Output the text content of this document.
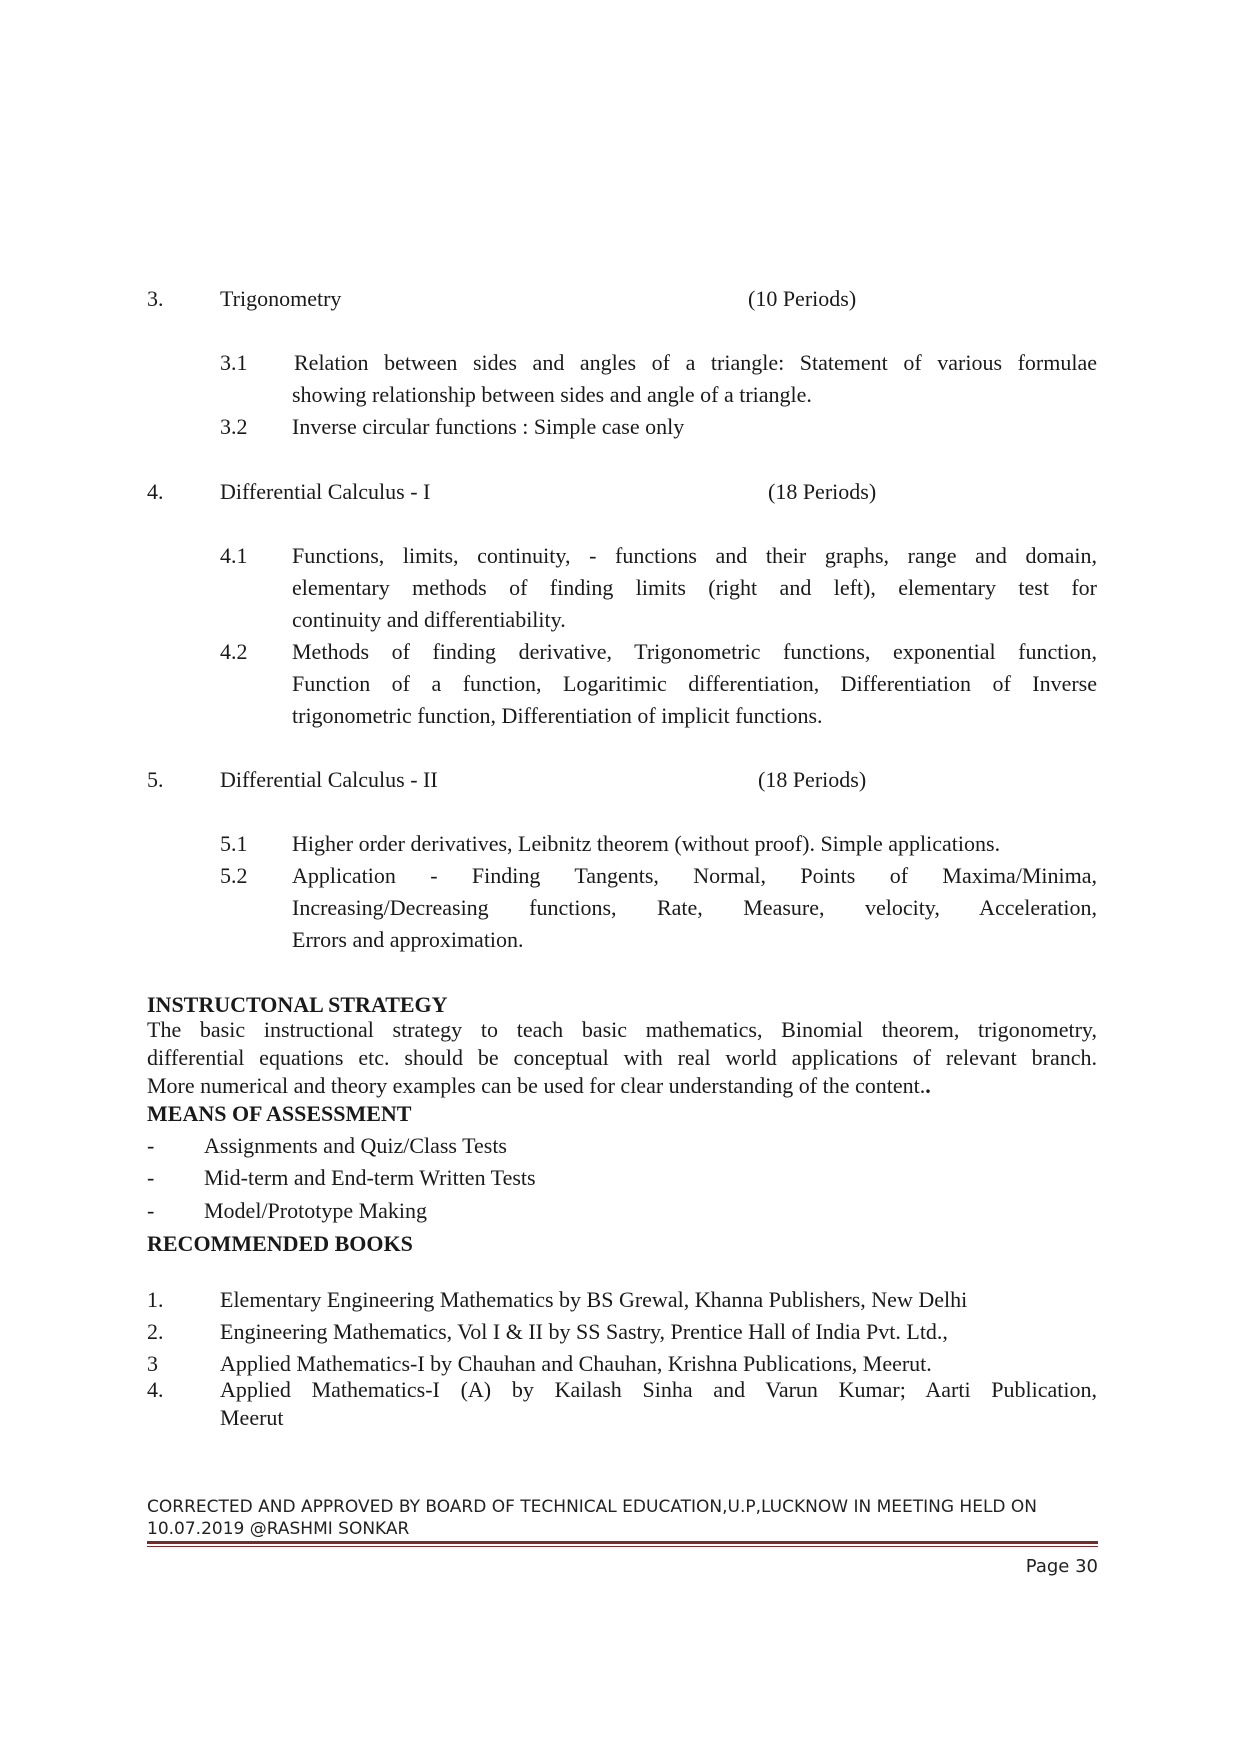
3.	Trigonometry	(10 Periods)
3.1 Relation between sides and angles of a triangle: Statement of various formulae
showing relationship between sides and angle of a triangle.
3.2 Inverse circular functions : Simple case only
4.	Differential Calculus - I	(18 Periods)
4.1 Functions, limits, continuity, - functions and their graphs, range and domain,
elementary methods of finding limits (right and left), elementary test for
continuity and differentiability.
4.2 Methods of finding derivative, Trigonometric functions, exponential function,
Function of a function, Logaritimic differentiation, Differentiation of Inverse
trigonometric function, Differentiation of implicit functions.
5.	Differential Calculus - II	(18 Periods)
5.1 Higher order derivatives, Leibnitz theorem (without proof). Simple applications.
5.2 Application - Finding Tangents, Normal, Points of Maxima/Minima,
Increasing/Decreasing functions, Rate, Measure, velocity, Acceleration,
Errors and approximation.
INSTRUCTONAL STRATEGY
The basic instructional strategy to teach basic mathematics, Binomial theorem, trigonometry,
differential equations etc. should be conceptual with real world applications of relevant branch.
More numerical and theory examples can be used for clear understanding of the content..
MEANS OF ASSESSMENT
- Assignments and Quiz/Class Tests
- Mid-term and End-term Written Tests
- Model/Prototype Making
RECOMMENDED BOOKS
1.	Elementary Engineering Mathematics by BS Grewal, Khanna Publishers, New Delhi
2.	Engineering Mathematics, Vol I & II by SS Sastry, Prentice Hall of India Pvt. Ltd.,
3	Applied Mathematics-I by Chauhan and Chauhan, Krishna Publications, Meerut.
4.	Applied Mathematics-I (A) by Kailash Sinha and Varun Kumar; Aarti Publication,
Meerut
CORRECTED AND APPROVED BY BOARD OF TECHNICAL EDUCATION,U.P,LUCKNOW IN MEETING HELD ON
10.07.2019 @RASHMI SONKAR
Page 30
